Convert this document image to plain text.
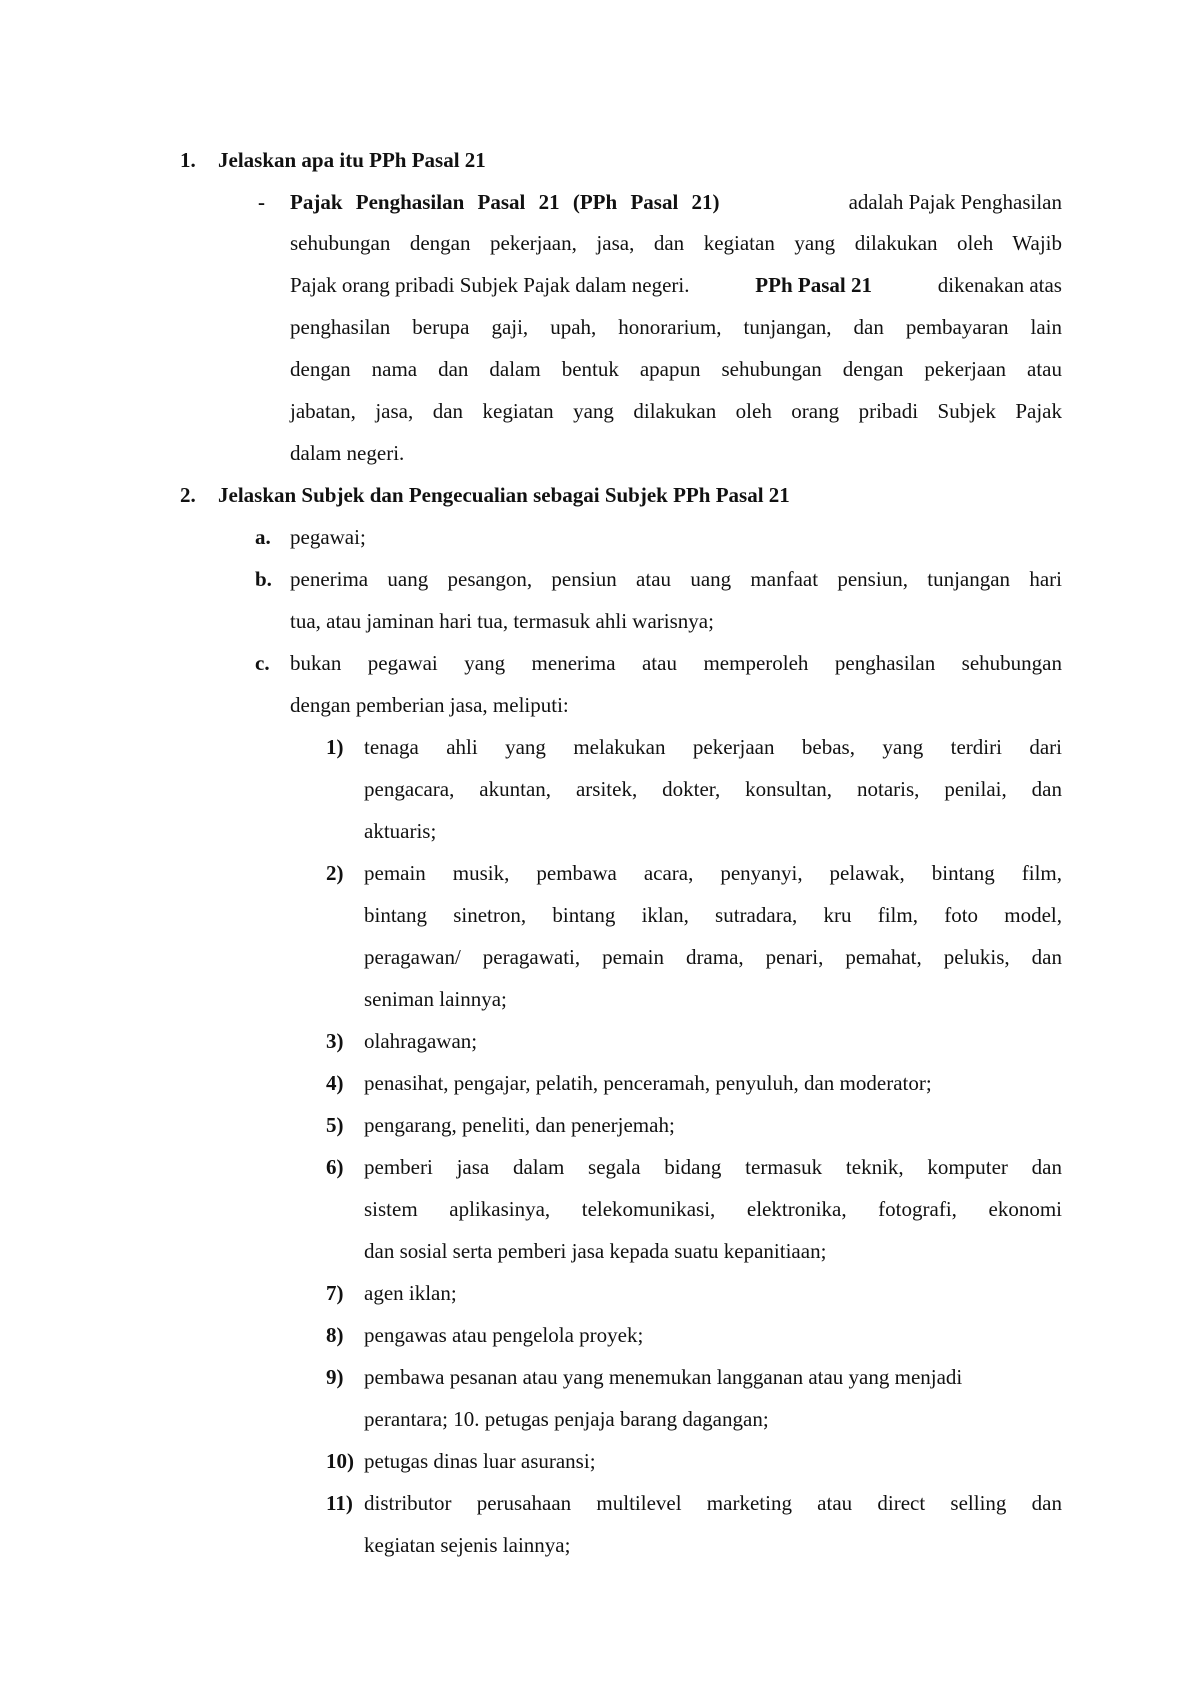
1. Jelaskan apa itu PPh Pasal 21
- Pajak Penghasilan Pasal 21 (PPh Pasal 21)	adalah Pajak Penghasilan
sehubungan dengan pekerjaan, jasa, dan kegiatan yang dilakukan oleh Wajib
Pajak orang pribadi Subjek Pajak dalam negeri.	PPh Pasal 21	dikenakan atas
penghasilan berupa gaji, upah, honorarium, tunjangan, dan pembayaran lain
dengan nama dan dalam bentuk apapun sehubungan dengan pekerjaan atau
jabatan, jasa, dan kegiatan yang dilakukan oleh orang pribadi Subjek Pajak
dalam negeri.
2. Jelaskan Subjek dan Pengecualian sebagai Subjek PPh Pasal 21
a. pegawai;
b. penerima uang pesangon, pensiun atau uang manfaat pensiun, tunjangan hari
tua, atau jaminan hari tua, termasuk ahli warisnya;
c. bukan pegawai yang menerima atau memperoleh penghasilan sehubungan
dengan pemberian jasa, meliputi:
1) tenaga ahli yang melakukan pekerjaan bebas, yang terdiri dari
pengacara, akuntan, arsitek, dokter, konsultan, notaris, penilai, dan
aktuaris;
2) pemain musik, pembawa acara, penyanyi, pelawak, bintang film,
bintang sinetron, bintang iklan, sutradara, kru film, foto model,
peragawan/ peragawati, pemain drama, penari, pemahat, pelukis, dan
seniman lainnya;
3) olahragawan;
4) penasihat, pengajar, pelatih, penceramah, penyuluh, dan moderator;
5) pengarang, peneliti, dan penerjemah;
6) pemberi jasa dalam segala bidang termasuk teknik, komputer dan
sistem aplikasinya, telekomunikasi, elektronika, fotografi, ekonomi
dan sosial serta pemberi jasa kepada suatu kepanitiaan;
7) agen iklan;
8) pengawas atau pengelola proyek;
9) pembawa pesanan atau yang menemukan langganan atau yang menjadi
perantara; 10. petugas penjaja barang dagangan;
10) petugas dinas luar asuransi;
11) distributor perusahaan multilevel marketing atau direct selling dan
kegiatan sejenis lainnya;
